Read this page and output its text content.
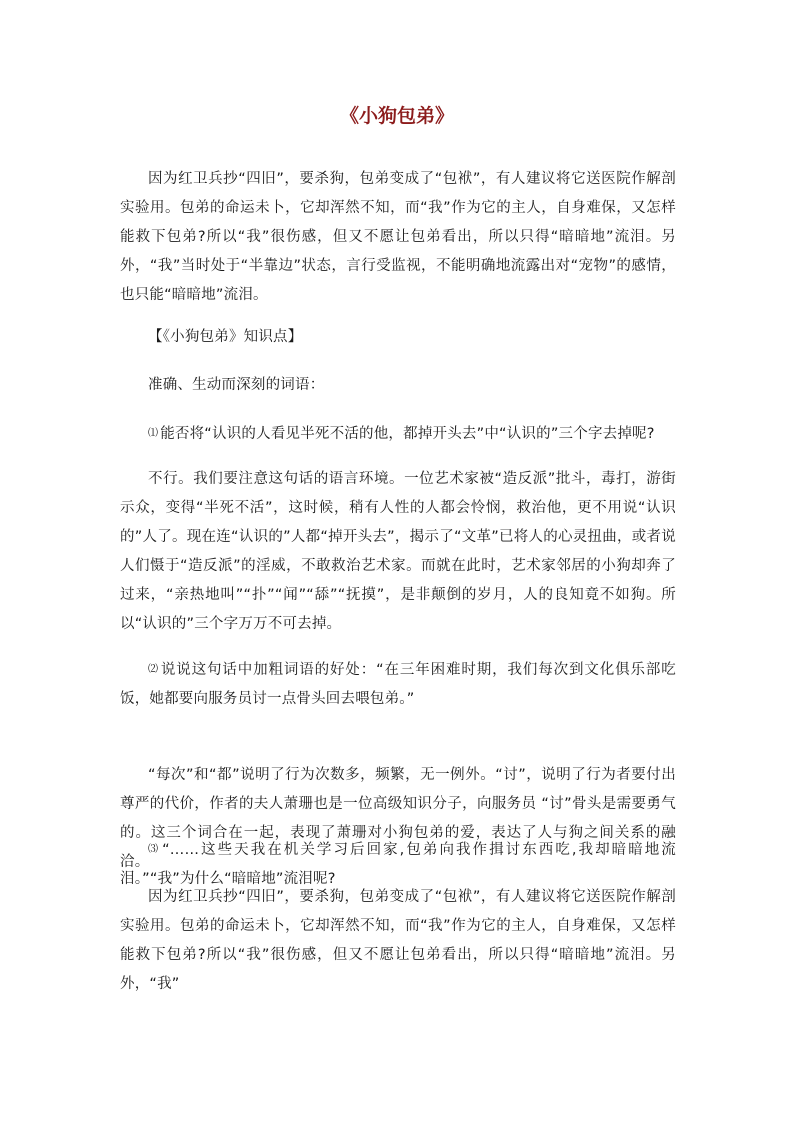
《小狗包弟》

因为红卫兵抄“四旧”，要杀狗，包弟变成了“包袱”，有人建议将它送医院作解剖实验用。包弟的命运未卜，它却浑然不知，而“我”作为它的主人，自身难保，又怎样能救下包弟?所以“我”很伤感，但又不愿让包弟看出，所以只得“暗暗地”流泪。另外，“我”当时处于“半靠边”状态，言行受监视，不能明确地流露出对“宠物”的感情，也只能“暗暗地”流泪。

【《小狗包弟》知识点】

准确、生动而深刻的词语：

⑴ 能否将“认识的人看见半死不活的他，都掉开头去”中“认识的”三个字去掉呢?

不行。我们要注意这句话的语言环境。一位艺术家被“造反派”批斗，毒打，游街示众，变得“半死不活”，这时候，稍有人性的人都会怜悯，救治他，更不用说“认识的”人了。现在连“认识的”人都“掉开头去”，揭示了“文革”已将人的心灵扭曲，或者说人们慑于“造反派”的淫威，不敢救治艺术家。而就在此时，艺术家邻居的小狗却奔了过来，“亲热地叫”“扑”“闻”“舔”“抚摸”，是非颠倒的岁月，人的良知竟不如狗。所以“认识的”三个字万万不可去掉。

⑵ 说说这句话中加粗词语的好处：“在三年困难时期，我们每次到文化俱乐部吃饭，她都要向服务员讨一点骨头回去喂包弟。”

“每次”和“都”说明了行为次数多，频繁，无一例外。“讨”，说明了行为者要付出尊严的代价，作者的夫人萧珊也是一位高级知识分子，向服务员 “讨”骨头是需要勇气的。这三个词合在一起，表现了萧珊对小狗包弟的爱，表达了人与狗之间关系的融洽。

⑶ “……这些天我在机关学习后回家,包弟向我作揖讨东西吃,我却暗暗地流泪。”“我”为什么“暗暗地”流泪呢?

因为红卫兵抄“四旧”，要杀狗，包弟变成了“包袱”，有人建议将它送医院作解剖实验用。包弟的命运未卜，它却浑然不知，而“我”作为它的主人，自身难保，又怎样能救下包弟?所以“我”很伤感，但又不愿让包弟看出，所以只得“暗暗地”流泪。另外，“我”
